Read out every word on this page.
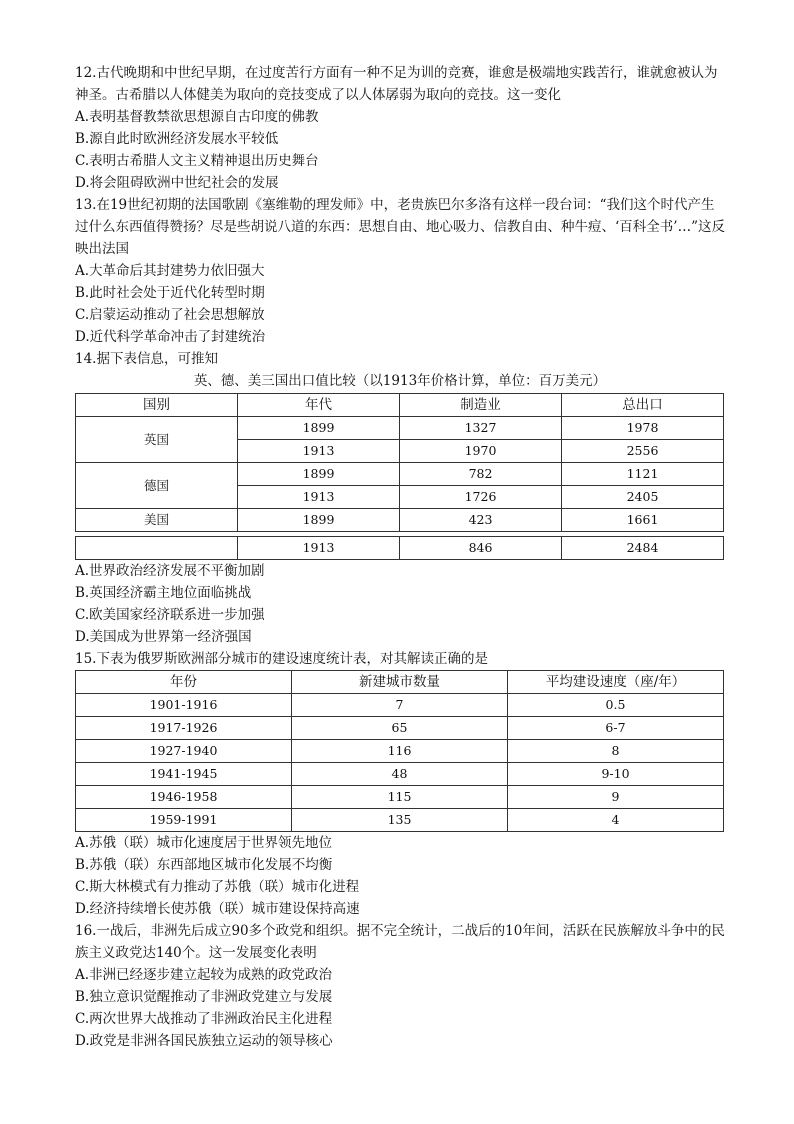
12.古代晚期和中世纪早期，在过度苦行方面有一种不足为训的竞赛，谁愈是极端地实践苦行，谁就愈被认为神圣。古希腊以人体健美为取向的竞技变成了以人体孱弱为取向的竞技。这一变化

A.表明基督教禁欲思想源自古印度的佛教

B.源自此时欧洲经济发展水平较低

C.表明古希腊人文主义精神退出历史舞台

D.将会阻碍欧洲中世纪社会的发展

13.在19世纪初期的法国歌剧《塞维勒的理发师》中，老贵族巴尔多洛有这样一段台词：“我们这个时代产生过什么东西值得赞扬？尽是些胡说八道的东西：思想自由、地心吸力、信教自由、种牛痘、‘百科全书’…”这反映出法国

A.大革命后其封建势力依旧强大

B.此时社会处于近代化转型时期

C.启蒙运动推动了社会思想解放

D.近代科学革命冲击了封建统治

14.据下表信息，可推知

英、德、美三国出口值比较（以1913年价格计算，单位：百万美元）

国别	年代	制造业	总出口
英国	1899	1327	1978
	1913	1970	2556
德国	1899	782	1121
	1913	1726	2405
美国	1899	423	1661
	1913	846	2484

A.世界政治经济发展不平衡加剧

B.英国经济霸主地位面临挑战

C.欧美国家经济联系进一步加强

D.美国成为世界第一经济强国

15.下表为俄罗斯欧洲部分城市的建设速度统计表，对其解读正确的是

年份	新建城市数量	平均建设速度（座/年）
1901-1916	7	0.5
1917-1926	65	6-7
1927-1940	116	8
1941-1945	48	9-10
1946-1958	115	9
1959-1991	135	4

A.苏俄（联）城市化速度居于世界领先地位

B.苏俄（联）东西部地区城市化发展不均衡

C.斯大林模式有力推动了苏俄（联）城市化进程

D.经济持续增长使苏俄（联）城市建设保持高速

16.一战后，非洲先后成立90多个政党和组织。据不完全统计，二战后的10年间，活跃在民族解放斗争中的民族主义政党达140个。这一发展变化表明

A.非洲已经逐步建立起较为成熟的政党政治

B.独立意识觉醒推动了非洲政党建立与发展

C.两次世界大战推动了非洲政治民主化进程

D.政党是非洲各国民族独立运动的领导核心
